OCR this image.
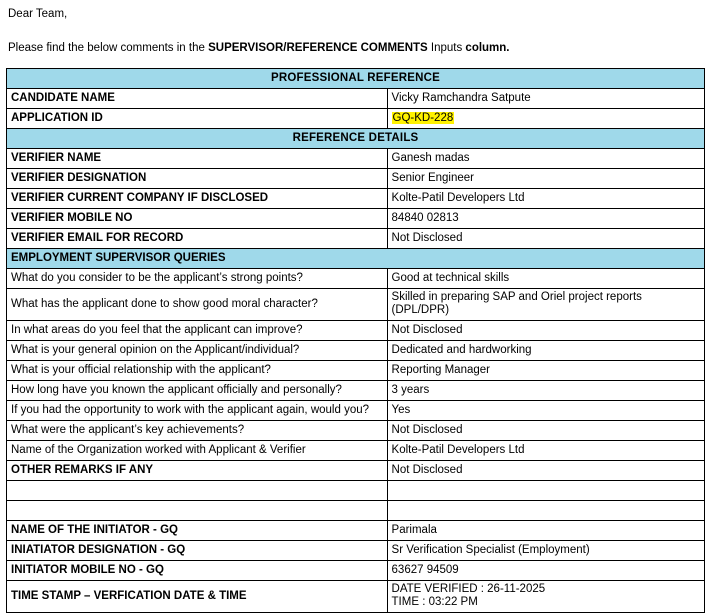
Dear Team,
Please find the below comments in the SUPERVISOR/REFERENCE COMMENTS Inputs column.
PROFESSIONAL REFERENCE	
CANDIDATE NAME	Vicky Ramchandra Satpute
APPLICATION ID	GQ-KD-228
REFERENCE DETAILS	
VERIFIER NAME	Ganesh madas
VERIFIER DESIGNATION	Senior Engineer
VERIFIER CURRENT COMPANY IF DISCLOSED	Kolte-Patil Developers Ltd
VERIFIER MOBILE NO	84840 02813
VERIFIER EMAIL FOR RECORD	Not Disclosed
EMPLOYMENT SUPERVISOR QUERIES	
What do you consider to be the applicant’s strong points?	Good at technical skills
What has the applicant done to show good moral character?	Skilled in preparing SAP and Oriel project reports (DPL/DPR)
In what areas do you feel that the applicant can improve?	Not Disclosed
What is your general opinion on the Applicant/individual?	Dedicated and hardworking
What is your official relationship with the applicant?	Reporting Manager
How long have you known the applicant officially and personally?	3 years
If you had the opportunity to work with the applicant again, would you?	Yes
What were the applicant’s key achievements?	Not Disclosed
Name of the Organization worked with Applicant & Verifier	Kolte-Patil Developers Ltd
OTHER REMARKS IF ANY	Not Disclosed

NAME OF THE INITIATOR - GQ	Parimala
INIATIATOR DESIGNATION - GQ	Sr Verification Specialist (Employment)
INITIATOR MOBILE NO - GQ	63627 94509
TIME STAMP – VERFICATION DATE & TIME	DATE VERIFIED : 26-11-2025
TIME : 03:22 PM
